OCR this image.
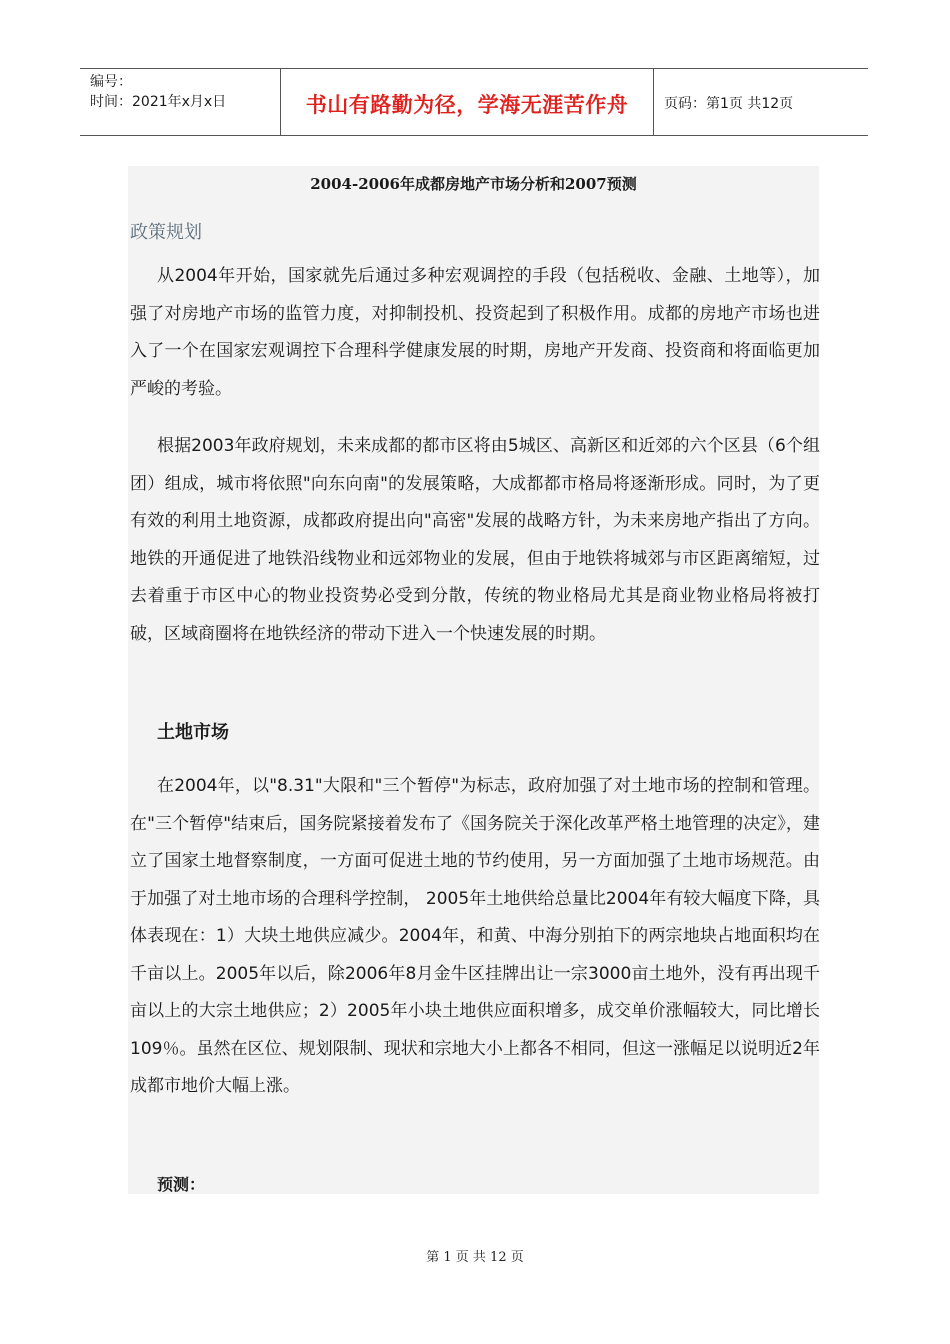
编号：
时间：2021年x月x日	书山有路勤为径，学海无涯苦作舟	页码：第1页 共12页
2004-2006年成都房地产市场分析和2007预测
政策规划

从2004年开始，国家就先后通过多种宏观调控的手段（包括税收、金融、土地等），加强了对房地产市场的监管力度，对抑制投机、投资起到了积极作用。成都的房地产市场也进入了一个在国家宏观调控下合理科学健康发展的时期，房地产开发商、投资商和将面临更加严峻的考验。

根据2003年政府规划，未来成都的都市区将由5城区、高新区和近郊的六个区县（6个组团）组成，城市将依照"向东向南"的发展策略，大成都都市格局将逐渐形成。同时，为了更有效的利用土地资源，成都政府提出向"高密"发展的战略方针，为未来房地产指出了方向。地铁的开通促进了地铁沿线物业和远郊物业的发展，但由于地铁将城郊与市区距离缩短，过去着重于市区中心的物业投资势必受到分散，传统的物业格局尤其是商业物业格局将被打破，区域商圈将在地铁经济的带动下进入一个快速发展的时期。

土地市场

在2004年，以"8.31"大限和"三个暂停"为标志，政府加强了对土地市场的控制和管理。在"三个暂停"结束后，国务院紧接着发布了《国务院关于深化改革严格土地管理的决定》，建立了国家土地督察制度，一方面可促进土地的节约使用，另一方面加强了土地市场规范。由于加强了对土地市场的合理科学控制， 2005年土地供给总量比2004年有较大幅度下降，具体表现在：1）大块土地供应减少。2004年，和黄、中海分别拍下的两宗地块占地面积均在千亩以上。2005年以后，除2006年8月金牛区挂牌出让一宗3000亩土地外，没有再出现千亩以上的大宗土地供应；2）2005年小块土地供应面积增多，成交单价涨幅较大，同比增长109％。虽然在区位、规划限制、现状和宗地大小上都各不相同，但这一涨幅足以说明近2年成都市地价大幅上涨。

预测：
第 1 页 共 12 页
